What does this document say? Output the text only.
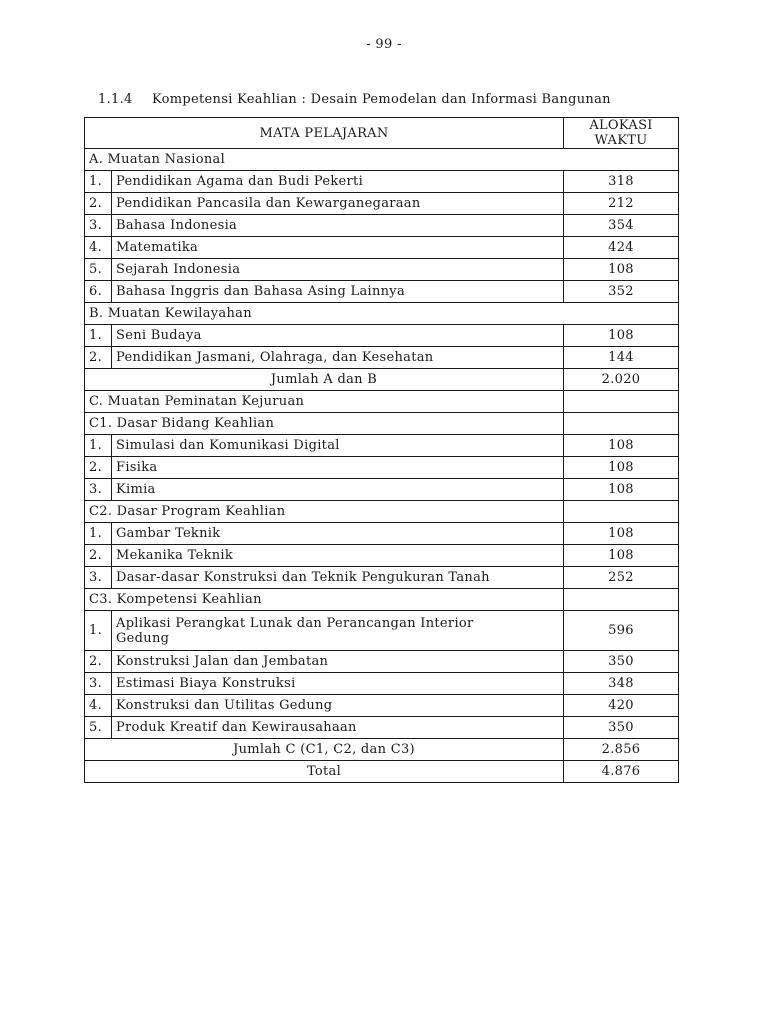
- 99 -
1.1.4 Kompetensi Keahlian : Desain Pemodelan dan Informasi Bangunan
MATA PELAJARAN		ALOKASI
WAKTU
A. Muatan Nasional		
1.	Pendidikan Agama dan Budi Pekerti	318
2.	Pendidikan Pancasila dan Kewarganegaraan	212
3.	Bahasa Indonesia	354
4.	Matematika	424
5.	Sejarah Indonesia	108
6.	Bahasa Inggris dan Bahasa Asing Lainnya	352
B. Muatan Kewilayahan		
1.	Seni Budaya	108
2.	Pendidikan Jasmani, Olahraga, dan Kesehatan	144
Jumlah A dan B		2.020
C. Muatan Peminatan Kejuruan		
C1. Dasar Bidang Keahlian		
1.	Simulasi dan Komunikasi Digital	108
2.	Fisika	108
3.	Kimia	108
C2. Dasar Program Keahlian		
1.	Gambar Teknik	108
2.	Mekanika Teknik	108
3.	Dasar-dasar Konstruksi dan Teknik Pengukuran Tanah	252
C3. Kompetensi Keahlian		
1.	Aplikasi Perangkat Lunak dan Perancangan Interior
Gedung	596
2.	Konstruksi Jalan dan Jembatan	350
3.	Estimasi Biaya Konstruksi	348
4.	Konstruksi dan Utilitas Gedung	420
5.	Produk Kreatif dan Kewirausahaan	350
Jumlah C (C1, C2, dan C3)		2.856
Total		4.876
